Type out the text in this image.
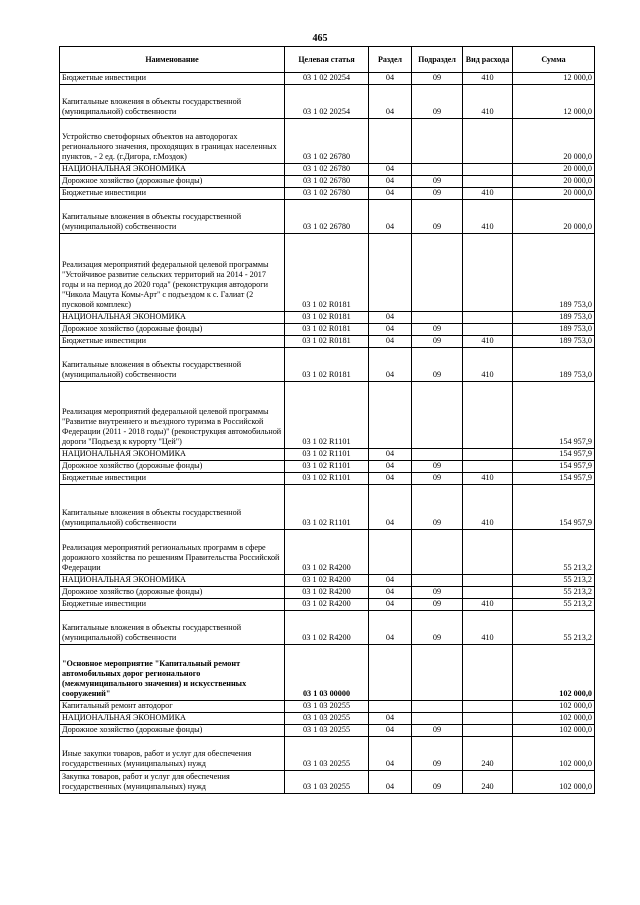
465
Наименование	Целевая статья	Раздел	Подраздел	Вид расхода	Сумма
Бюджетные инвестиции	03 1 02 20254	04	09	410	12 000,0
Капитальные вложения в объекты государственной (муниципальной) собственности	03 1 02 20254	04	09	410	12 000,0
Устройство светофорных объектов на автодорогах регионального значения, проходящих в границах населенных пунктов, - 2 ед. (г.Дигора, г.Моздок)	03 1 02 26780				20 000,0
НАЦИОНАЛЬНАЯ ЭКОНОМИКА	03 1 02 26780	04			20 000,0
Дорожное хозяйство (дорожные фонды)	03 1 02 26780	04	09		20 000,0
Бюджетные инвестиции	03 1 02 26780	04	09	410	20 000,0
Капитальные вложения в объекты государственной (муниципальной) собственности	03 1 02 26780	04	09	410	20 000,0
Реализация мероприятий федеральной целевой программы "Устойчивое развитие сельских территорий на 2014 - 2017 годы и на период до 2020 года" (реконструкция автодороги "Чикола Мацута Комы-Арт" с подъездом к с. Галиат (2 пусковой комплекс)	03 1 02 R0181				189 753,0
НАЦИОНАЛЬНАЯ ЭКОНОМИКА	03 1 02 R0181	04			189 753,0
Дорожное хозяйство (дорожные фонды)	03 1 02 R0181	04	09		189 753,0
Бюджетные инвестиции	03 1 02 R0181	04	09	410	189 753,0
Капитальные вложения в объекты государственной (муниципальной) собственности	03 1 02 R0181	04	09	410	189 753,0
Реализация мероприятий федеральной целевой программы "Развитие внутреннего и въездного туризма в Российской Федерации (2011 - 2018 годы)" (реконструкция автомобильной дороги "Подъезд к курорту "Цей")	03 1 02 R1101				154 957,9
НАЦИОНАЛЬНАЯ ЭКОНОМИКА	03 1 02 R1101	04			154 957,9
Дорожное хозяйство (дорожные фонды)	03 1 02 R1101	04	09		154 957,9
Бюджетные инвестиции	03 1 02 R1101	04	09	410	154 957,9
Капитальные вложения в объекты государственной (муниципальной) собственности	03 1 02 R1101	04	09	410	154 957,9
Реализация мероприятий региональных программ в сфере дорожного хозяйства по решениям Правительства Российской Федерации	03 1 02 R4200				55 213,2
НАЦИОНАЛЬНАЯ ЭКОНОМИКА	03 1 02 R4200	04			55 213,2
Дорожное хозяйство (дорожные фонды)	03 1 02 R4200	04	09		55 213,2
Бюджетные инвестиции	03 1 02 R4200	04	09	410	55 213,2
Капитальные вложения в объекты государственной (муниципальной) собственности	03 1 02 R4200	04	09	410	55 213,2
"Основное мероприятие "Капитальный ремонт автомобильных дорог регионального (межмуниципального значения) и искусственных сооружений"	03 1 03 00000				102 000,0
Капитальный ремонт автодорог	03 1 03 20255				102 000,0
НАЦИОНАЛЬНАЯ ЭКОНОМИКА	03 1 03 20255	04			102 000,0
Дорожное хозяйство (дорожные фонды)	03 1 03 20255	04	09		102 000,0
Иные закупки товаров, работ и услуг для обеспечения государственных (муниципальных) нужд	03 1 03 20255	04	09	240	102 000,0
Закупка товаров, работ и услуг для обеспечения государственных (муниципальных) нужд	03 1 03 20255	04	09	240	102 000,0
